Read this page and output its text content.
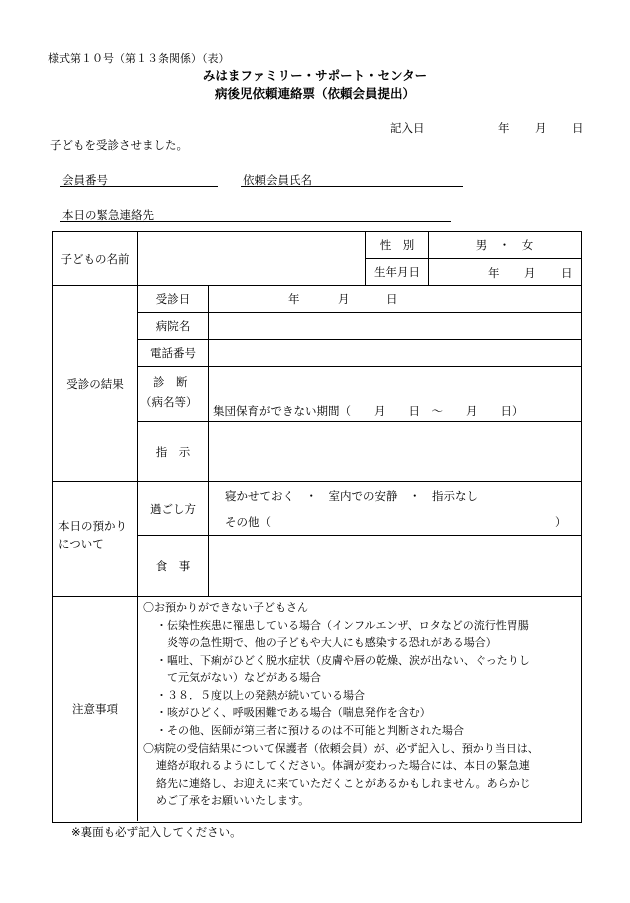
様式第１０号（第１３条関係）（表）
みはまファミリー・サポート・センター
病後児依頼連絡票（依頼会員提出）
記入日	年 月 日
子どもを受診させました。
会員番号	依頼会員氏名
本日の緊急連絡先
子どもの名前
性　別	男　・　女
生年月日	年 月 日
受診の結果
受診日	年	月	日
病院名
電話番号
診　断
（病名等）
集団保育ができない期間（　　月　　日　～　　月　　日）
指　示
本日の預かり
について
過ごし方
寝かせておく　・　室内での安静　・　指示なし
その他（	）
食　事
注意事項
〇お預かりができない子どもさん
・伝染性疾患に罹患している場合（インフルエンザ、ロタなどの流行性胃腸
炎等の急性期で、他の子どもや大人にも感染する恐れがある場合）
・嘔吐、下痢がひどく脱水症状（皮膚や唇の乾燥、涙が出ない、ぐったりし
て元気がない）などがある場合
・３８．５度以上の発熱が続いている場合
・咳がひどく、呼吸困難である場合（喘息発作を含む）
・その他、医師が第三者に預けるのは不可能と判断された場合
〇病院の受信結果について保護者（依頼会員）が、必ず記入し、預かり当日は、
連絡が取れるようにしてください。体調が変わった場合には、本日の緊急連
絡先に連絡し、お迎えに来ていただくことがあるかもしれません。あらかじ
めご了承をお願いいたします。
※裏面も必ず記入してください。
